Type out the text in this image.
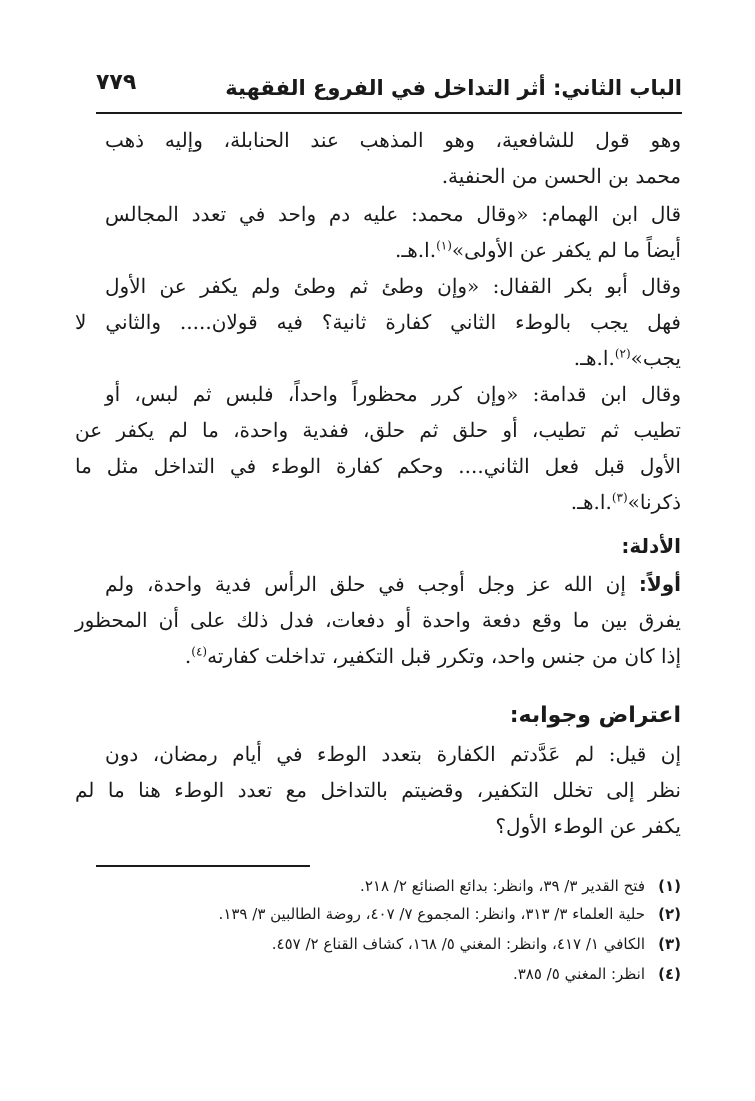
الباب الثاني: أثر التداخل في الفروع الفقهية
٧٧٩
وهو قول للشافعية، وهو المذهب عند الحنابلة، وإليه ذهب
محمد بن الحسن من الحنفية.
قال ابن الهمام: «وقال محمد: عليه دم واحد في تعدد المجالس
أيضاً ما لم يكفر عن الأولى»$^{(١)}$.ا.هـ.
وقال أبو بكر القفال: «وإن وطئ ثم وطئ ولم يكفر عن الأول
فهل يجب بالوطء الثاني كفارة ثانية؟ فيه قولان..... والثاني لا
يجب»$^{(٢)}$.ا.هـ.
وقال ابن قدامة: «وإن كرر محظوراً واحداً، فلبس ثم لبس، أو
تطيب ثم تطيب، أو حلق ثم حلق، ففدية واحدة، ما لم يكفر عن
الأول قبل فعل الثاني.... وحكم كفارة الوطء في التداخل مثل ما
ذكرنا»$^{(٣)}$.ا.هـ.
الأدلة:
أولاً: إن الله عز وجل أوجب في حلق الرأس فدية واحدة، ولم
يفرق بين ما وقع دفعة واحدة أو دفعات، فدل ذلك على أن المحظور
إذا كان من جنس واحد، وتكرر قبل التكفير، تداخلت كفارته$^{(٤)}$.
اعتراض وجوابه:
إن قيل: لم عَدَّدتم الكفارة بتعدد الوطء في أيام رمضان، دون
نظر إلى تخلل التكفير، وقضيتم بالتداخل مع تعدد الوطء هنا ما لم
يكفر عن الوطء الأول؟
(١)فتح القدير ٣/ ٣٩، وانظر: بدائع الصنائع ٢/ ٢١٨.
(٢)حلية العلماء ٣/ ٣١٣، وانظر: المجموع ٧/ ٤٠٧، روضة الطالبين ٣/ ١٣٩.
(٣)الكافي ١/ ٤١٧، وانظر: المغني ٥/ ١٦٨، كشاف القناع ٢/ ٤٥٧.
(٤)انظر: المغني ٥/ ٣٨٥.
